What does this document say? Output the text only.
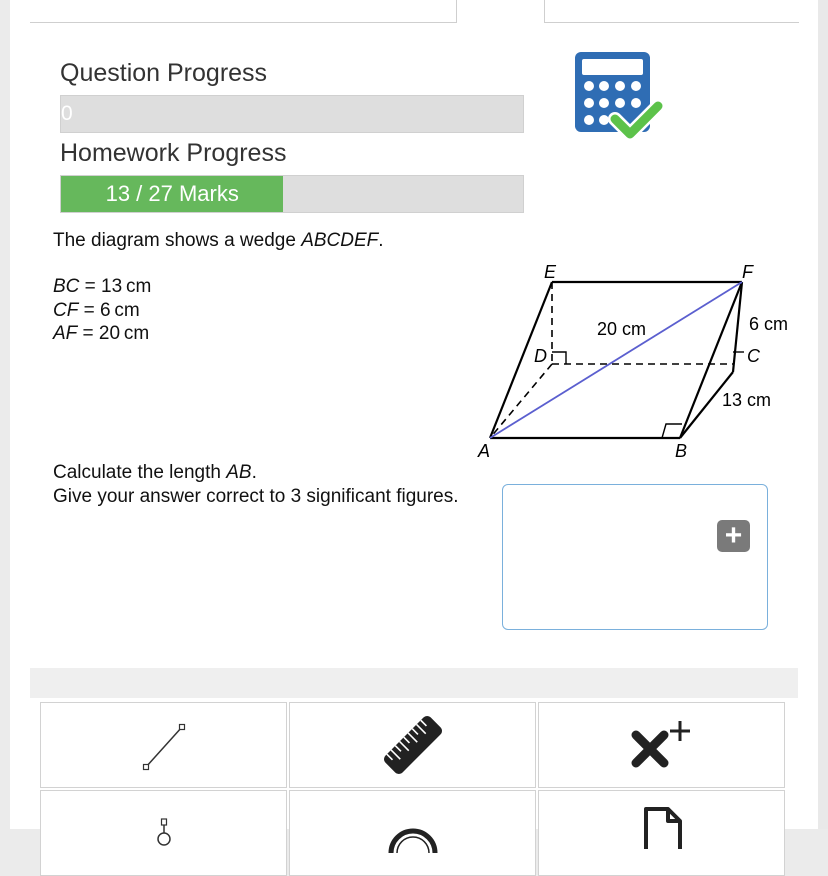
Question Progress
0
Homework Progress
13 / 27 Marks
The diagram shows a wedge ABCDEF.
BC = 13 cm
CF = 6 cm
AF = 20 cm
E	F
D	C
A	B
20 cm	6 cm
13 cm
Calculate the length AB.
Give your answer correct to 3 significant figures.
+
